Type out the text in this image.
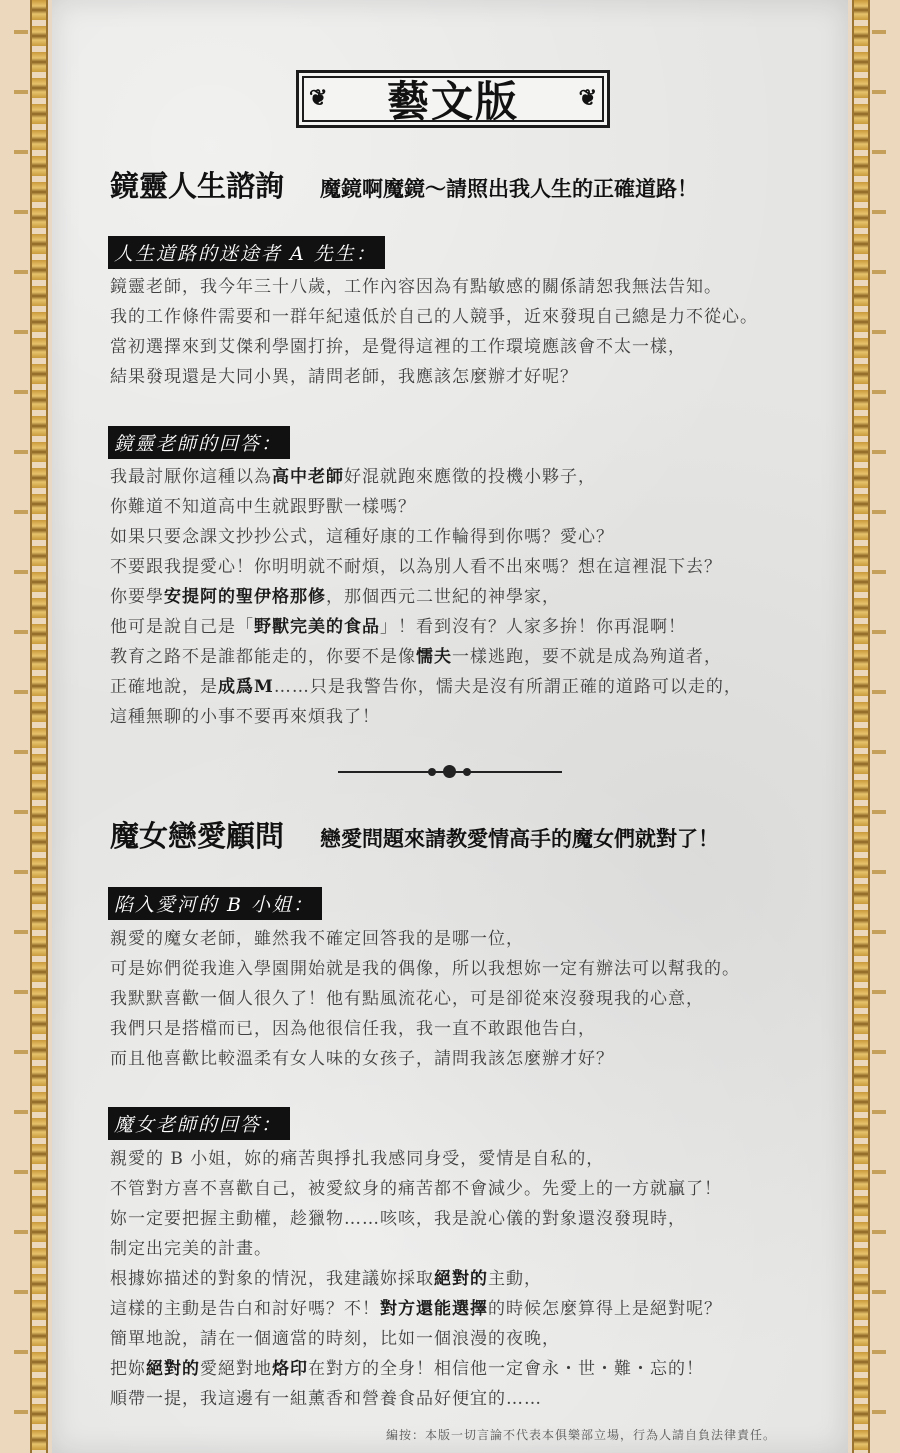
❦ 藝文版	❦
鏡靈人生諮詢 魔鏡啊魔鏡～請照出我人生的正確道路！
人生道路的迷途者 A 先生：
鏡靈老師，我今年三十八歲，工作內容因為有點敏感的關係請恕我無法告知。
我的工作條件需要和一群年紀遠低於自己的人競爭，近來發現自己總是力不從心。
當初選擇來到艾傑利學園打拚，是覺得這裡的工作環境應該會不太一樣，
結果發現還是大同小異，請問老師，我應該怎麼辦才好呢？
鏡靈老師的回答：
我最討厭你這種以為高中老師好混就跑來應徵的投機小夥子，
你難道不知道高中生就跟野獸一樣嗎？
如果只要念課文抄抄公式，這種好康的工作輪得到你嗎？愛心？
不要跟我提愛心！你明明就不耐煩，以為別人看不出來嗎？想在這裡混下去？
你要學安提阿的聖伊格那修，那個西元二世紀的神學家，
他可是說自己是「野獸完美的食品」！看到沒有？人家多拚！你再混啊！
教育之路不是誰都能走的，你要不是像懦夫一樣逃跑，要不就是成為殉道者，
正確地說，是成爲M……只是我警告你，懦夫是沒有所謂正確的道路可以走的，
這種無聊的小事不要再來煩我了！
魔女戀愛顧問 戀愛問題來請教愛情高手的魔女們就對了！
陷入愛河的 B 小姐：
親愛的魔女老師，雖然我不確定回答我的是哪一位，
可是妳們從我進入學園開始就是我的偶像，所以我想妳一定有辦法可以幫我的。
我默默喜歡一個人很久了！他有點風流花心，可是卻從來沒發現我的心意，
我們只是搭檔而已，因為他很信任我，我一直不敢跟他告白，
而且他喜歡比較溫柔有女人味的女孩子，請問我該怎麼辦才好？
魔女老師的回答：
親愛的 B 小姐，妳的痛苦與掙扎我感同身受，愛情是自私的，
不管對方喜不喜歡自己，被愛紋身的痛苦都不會減少。先愛上的一方就贏了！
妳一定要把握主動權，趁獵物……咳咳，我是說心儀的對象還沒發現時，
制定出完美的計畫。
根據妳描述的對象的情況，我建議妳採取絕對的主動，
這樣的主動是告白和討好嗎？不！對方還能選擇的時候怎麼算得上是絕對呢？
簡單地說，請在一個適當的時刻，比如一個浪漫的夜晚，
把妳絕對的愛絕對地烙印在對方的全身！相信他一定會永・世・難・忘的！
順帶一提，我這邊有一組薰香和營養食品好便宜的……
編按：本版一切言論不代表本俱樂部立場，行為人請自負法律責任。
